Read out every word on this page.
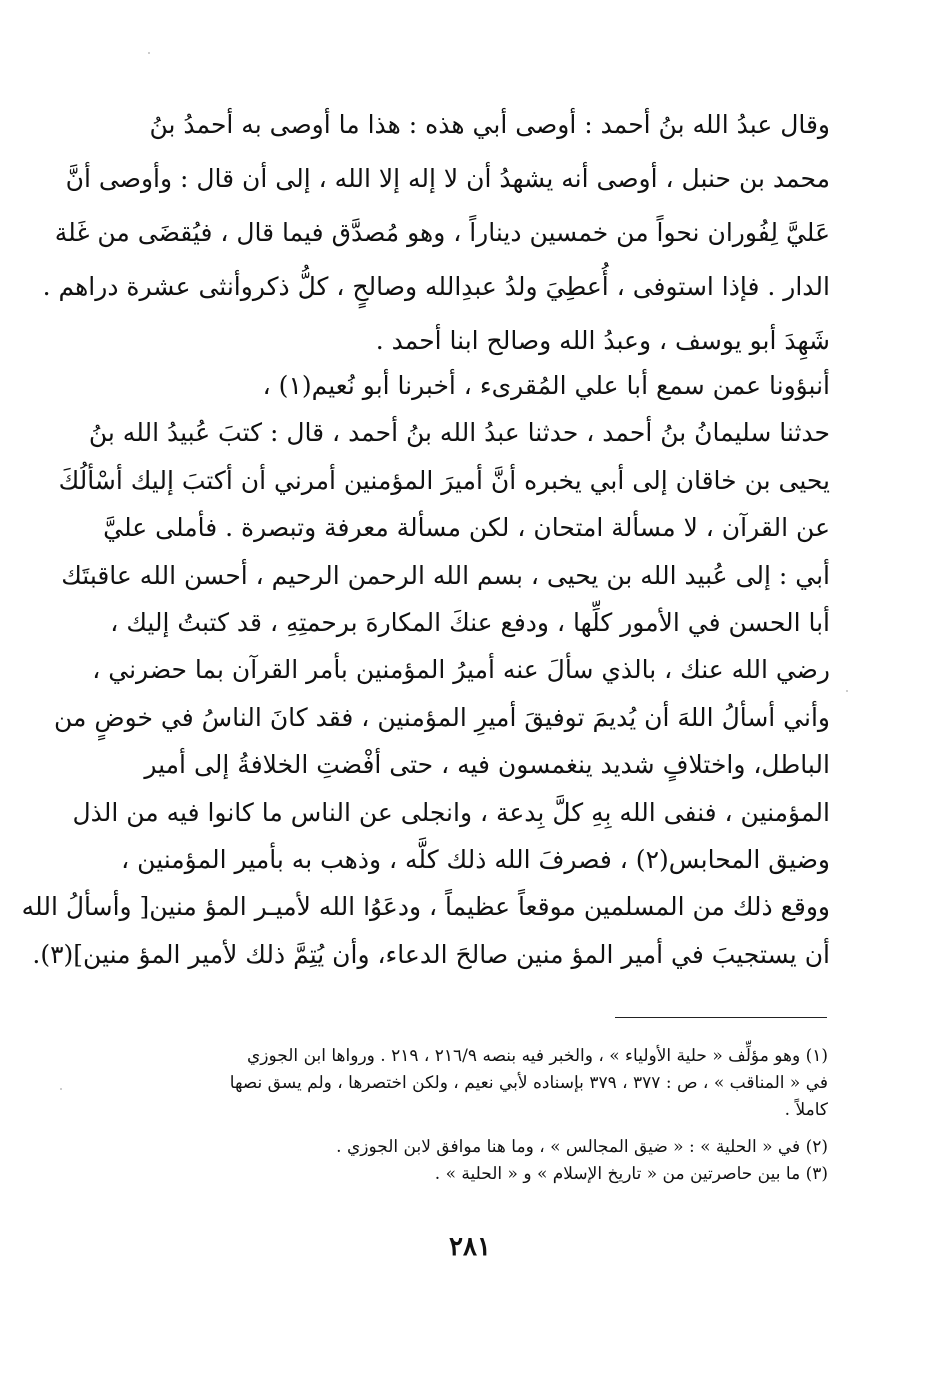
وقال عبدُ الله بنُ أحمد : أوصى أبي هذه : هذا ما أوصى به أحمدُ بنُ
محمد بن حنبل ، أوصى أنه يشهدُ أن لا إله إلا الله ، إلى أن قال : وأوصى أنَّ
عَليَّ لِفُوران نحواً من خمسين ديناراً ، وهو مُصدَّق فيما قال ، فيُقضَى من غَلة
الدار . فإذا استوفى ، أُعطِيَ ولدُ عبدِالله وصالحٍ ، كلُّ ذكروأنثى عشرة دراهم .
شَهِدَ أبو يوسف ، وعبدُ الله وصالح ابنا أحمد .
أنبؤونا عمن سمع أبا علي المُقرىء ، أخبرنا أبو نُعيم(١) ،
حدثنا سليمانُ بنُ أحمد ، حدثنا عبدُ الله بنُ أحمد ، قال : كتبَ عُبيدُ الله بنُ
يحيى بن خاقان إلى أبي يخبره أنَّ أميرَ المؤمنين أمرني أن أكتبَ إليك أسْألُكَ
عن القرآن ، لا مسألة امتحان ، لكن مسألة معرفة وتبصرة . فأملى عليَّ
أبي : إلى عُبيد الله بن يحيى ، بسم الله الرحمن الرحيم ، أحسن الله عاقبتَك
أبا الحسن في الأمور كلِّها ، ودفع عنكَ المكارهَ برحمتِهِ ، قد كتبتُ إليك ،
رضي الله عنك ، بالذي سألَ عنه أميرُ المؤمنين بأمر القرآن بما حضرني ،
وأني أسألُ اللهَ أن يُديمَ توفيقَ أميرِ المؤمنين ، فقد كانَ الناسُ في خوضٍ من
الباطل، واختلافٍ شديد ينغمسون فيه ، حتى أفْضتِ الخلافةُ إلى أمير
المؤمنين ، فنفى الله بِهِ كلَّ بِدعة ، وانجلى عن الناس ما كانوا فيه من الذل
وضيق المحابس(٢) ، فصرفَ الله ذلك كلَّه ، وذهب به بأمير المؤمنين ،
ووقع ذلك من المسلمين موقعاً عظيماً ، ودعَوُا الله لأميـر المؤ منين[ وأسألُ الله
أن يستجيبَ في أمير المؤ منين صالحَ الدعاء، وأن يُتِمَّ ذلك لأمير المؤ منين](٣).
(١) وهو مؤلِّف « حلية الأولياء » ، والخبر فيه بنصه ٢١٦/٩ ، ٢١٩ . ورواها ابن الجوزي
في « المناقب » ، ص : ٣٧٧ ، ٣٧٩ بإسناده لأبي نعيم ، ولكن اختصرها ، ولم يسق نصها
كاملاً .
(٢) في « الحلية » : « ضيق المجالس » ، وما هنا موافق لابن الجوزي .
(٣) ما بين حاصرتين من « تاريخ الإسلام » و « الحلية » .
٢٨١
